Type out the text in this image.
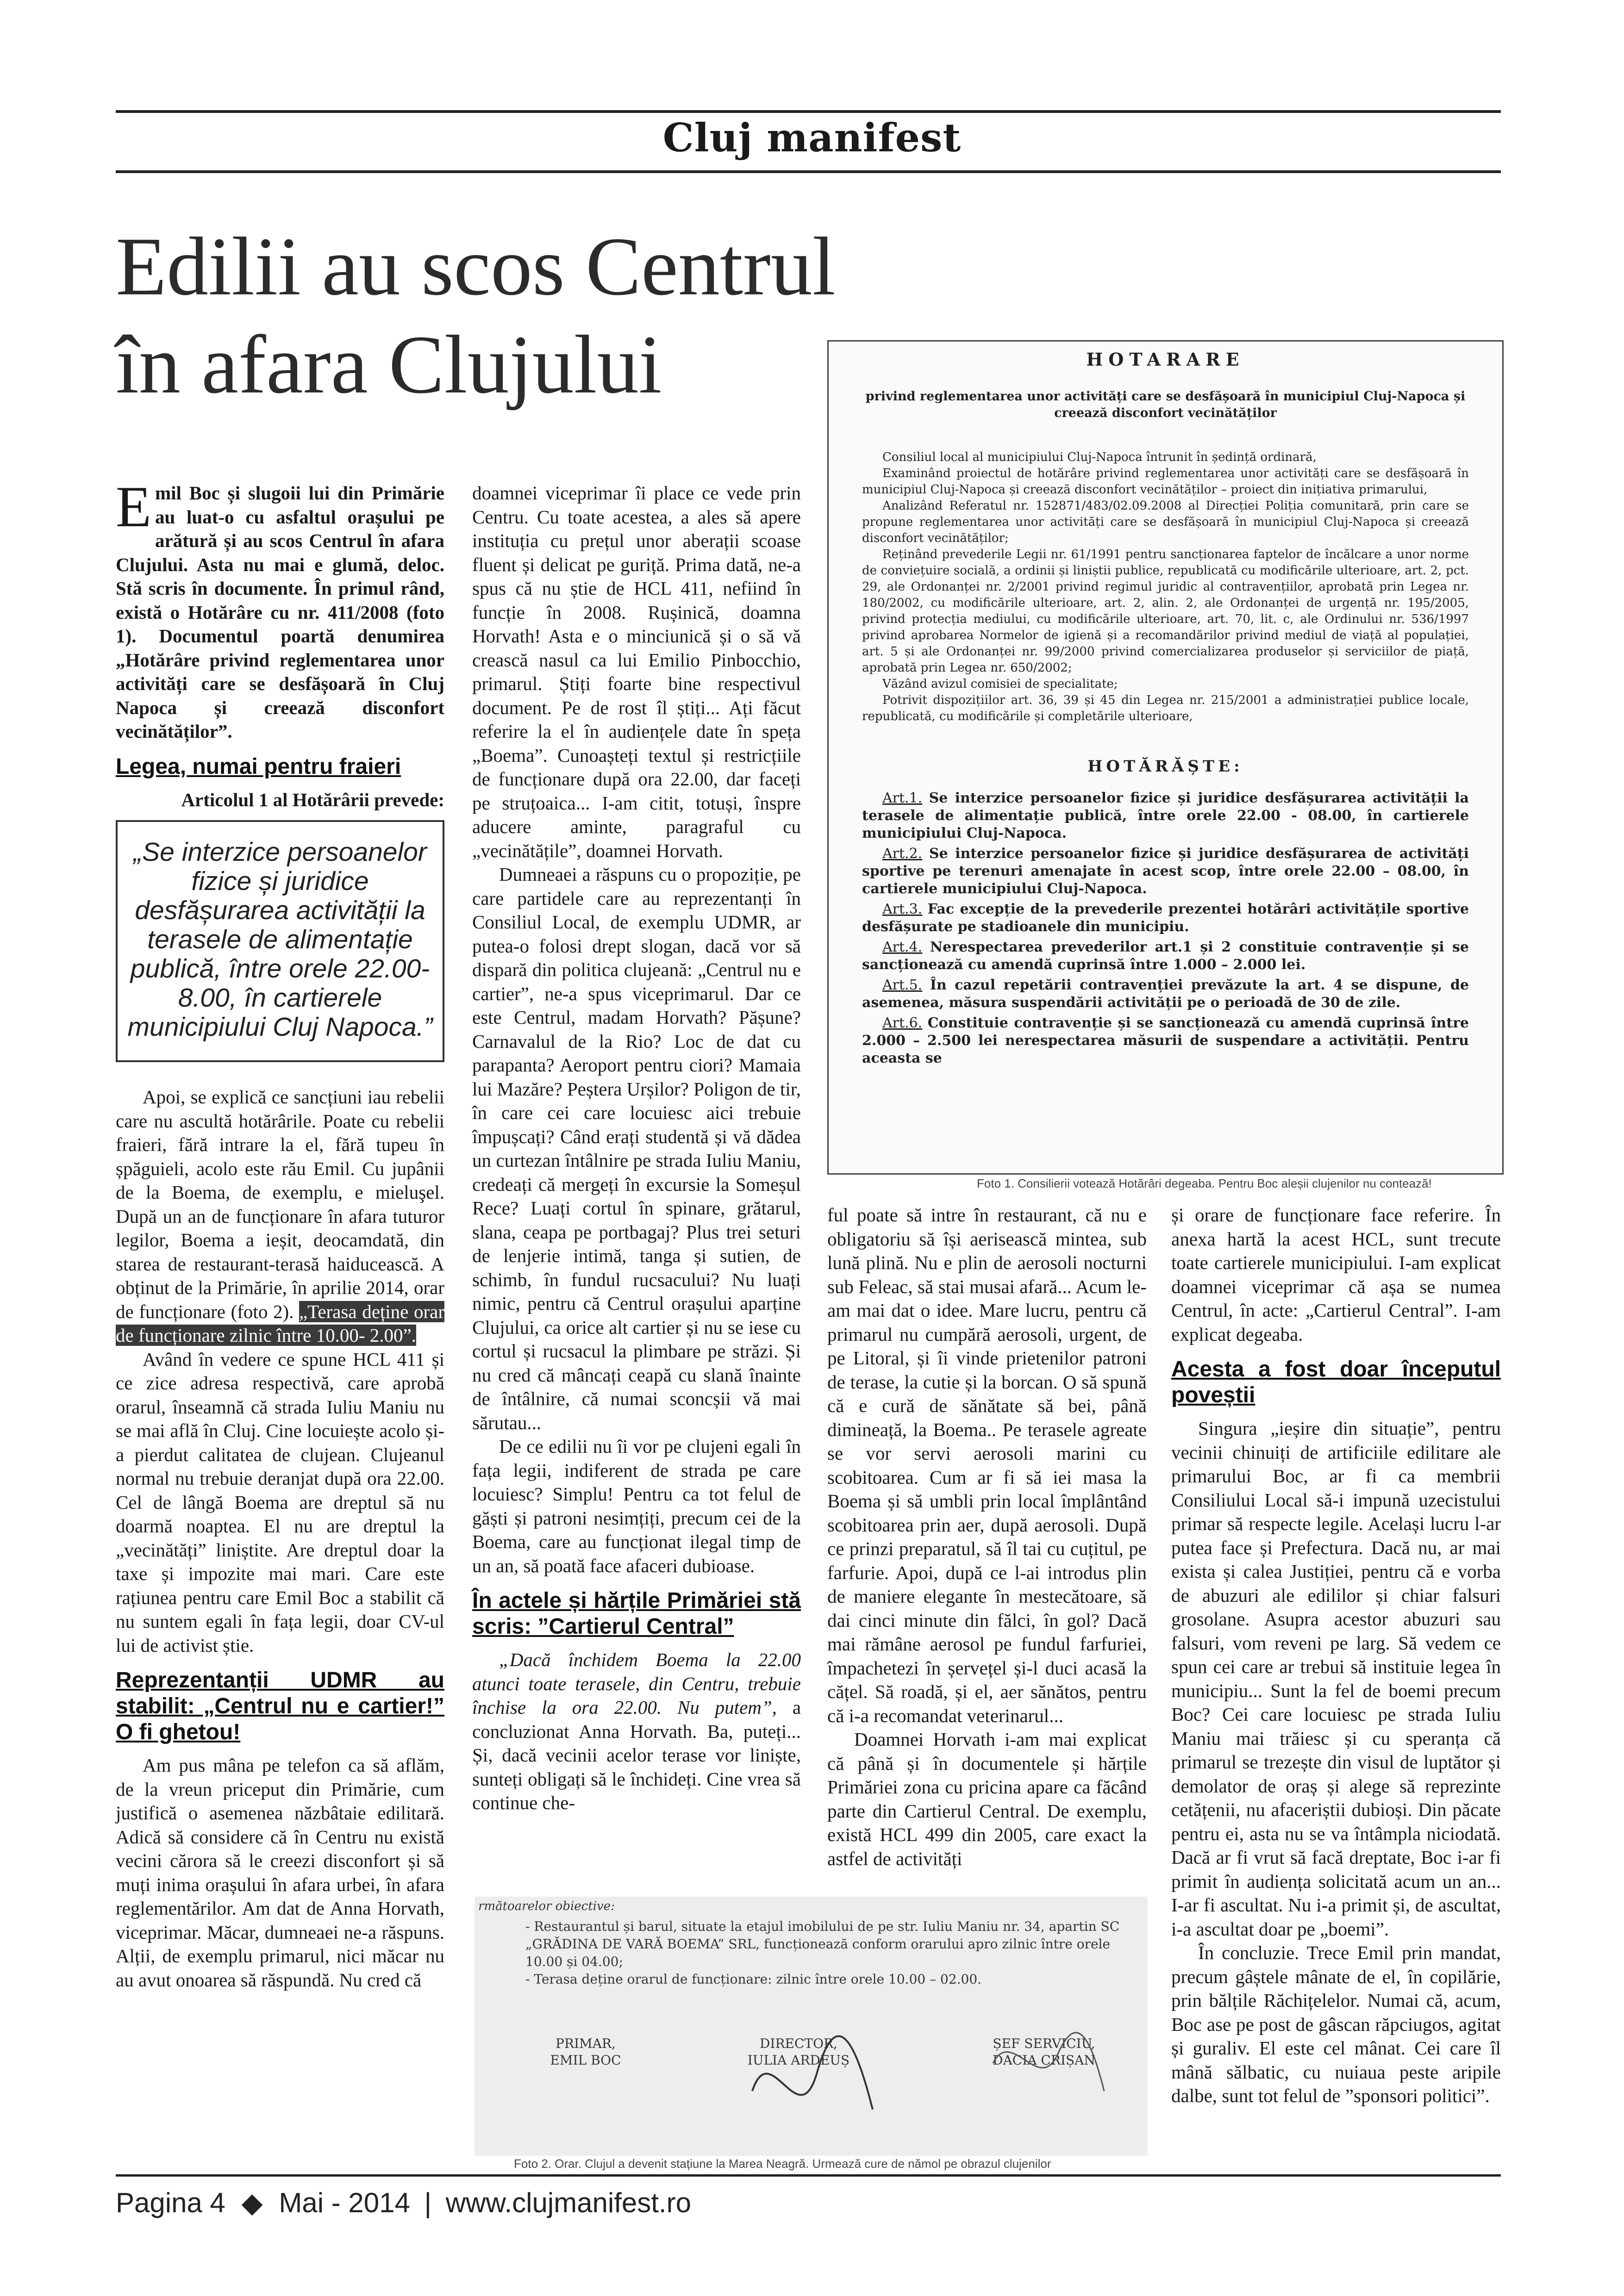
Cluj manifest
Edilii au scos Centrul
în afara Clujului

Emil Boc și slugoii lui din Primărie au luat-o cu asfaltul orașului pe arătură și au scos Centrul în afara Clujului. Asta nu mai e glumă, deloc. Stă scris în documente. În primul rând, există o Hotărâre cu nr. 411/2008 (foto 1). Documentul poartă denumirea „Hotărâre privind reglementarea unor activități care se desfășoară în Cluj Napoca și creează disconfort vecinătăților”.

Legea, numai pentru fraieri

Articolul 1 al Hotărârii prevede:

„Se interzice persoanelor fizice și juridice desfășurarea activității la terasele de alimentație publică, între orele 22.00- 8.00, în cartierele municipiului Cluj Napoca.”

Apoi, se explică ce sancțiuni iau rebelii care nu ascultă hotărârile. Poate cu rebelii fraieri, fără intrare la el, fără tupeu în șpăguieli, acolo este rău Emil. Cu jupânii de la Boema, de exemplu, e mieluşel. După un an de funcționare în afara tuturor legilor, Boema a ieșit, deocamdată, din starea de restaurant-terasă haiducească. A obținut de la Primărie, în aprilie 2014, orar de funcționare (foto 2). „Terasa deține orar de funcționare zilnic între 10.00- 2.00”.

Având în vedere ce spune HCL 411 și ce zice adresa respectivă, care aprobă orarul, înseamnă că strada Iuliu Maniu nu se mai află în Cluj. Cine locuiește acolo și-a pierdut calitatea de clujean. Clujeanul normal nu trebuie deranjat după ora 22.00. Cel de lângă Boema are dreptul să nu doarmă noaptea. El nu are dreptul la „vecinătăți” liniștite. Are dreptul doar la taxe și impozite mai mari. Care este rațiunea pentru care Emil Boc a stabilit că nu suntem egali în fața legii, doar CV-ul lui de activist știe.

Reprezentanții UDMR au stabilit: „Centrul nu e cartier!” O fi ghetou!

Am pus mâna pe telefon ca să aflăm, de la vreun priceput din Primărie, cum justifică o asemenea năzbâtaie edilitară. Adică să considere că în Centru nu există vecini cărora să le creezi disconfort și să muți inima orașului în afara urbei, în afara reglementărilor. Am dat de Anna Horvath, viceprimar. Măcar, dumneaei ne-a răspuns. Alții, de exemplu primarul, nici măcar nu au avut onoarea să răspundă. Nu cred că

doamnei viceprimar îi place ce vede prin Centru. Cu toate acestea, a ales să apere instituția cu prețul unor aberații scoase fluent și delicat pe guriță. Prima dată, ne-a spus că nu știe de HCL 411, nefiind în funcție în 2008. Rușinică, doamna Horvath! Asta e o minciunică și o să vă crească nasul ca lui Emilio Pinbocchio, primarul. Știți foarte bine respectivul document. Pe de rost îl știți... Ați făcut referire la el în audiențele date în speța „Boema”. Cunoașteți textul și restricțiile de funcționare după ora 22.00, dar faceți pe struțoaica... I-am citit, totuși, înspre aducere aminte, paragraful cu „vecinătățile”, doamnei Horvath.

Dumneaei a răspuns cu o propoziție, pe care partidele care au reprezentanți în Consiliul Local, de exemplu UDMR, ar putea-o folosi drept slogan, dacă vor să dispară din politica clujeană: „Centrul nu e cartier”, ne-a spus viceprimarul. Dar ce este Centrul, madam Horvath? Pășune? Carnavalul de la Rio? Loc de dat cu parapanta? Aeroport pentru ciori? Mamaia lui Mazăre? Peștera Urșilor? Poligon de tir, în care cei care locuiesc aici trebuie împușcați? Când erați studentă și vă dădea un curtezan întâlnire pe strada Iuliu Maniu, credeați că mergeți în excursie la Someșul Rece? Luați cortul în spinare, grătarul, slana, ceapa pe portbagaj? Plus trei seturi de lenjerie intimă, tanga și sutien, de schimb, în fundul rucsacului? Nu luați nimic, pentru că Centrul orașului aparține Clujului, ca orice alt cartier și nu se iese cu cortul și rucsacul la plimbare pe străzi. Și nu cred că mâncați ceapă cu slană înainte de întâlnire, că numai sconcșii vă mai sărutau...

De ce edilii nu îi vor pe clujeni egali în fața legii, indiferent de strada pe care locuiesc? Simplu! Pentru ca tot felul de găști și patroni nesimțiți, precum cei de la Boema, care au funcționat ilegal timp de un an, să poată face afaceri dubioase.

În actele și hărțile Primăriei stă scris: ”Cartierul Central”

„Dacă închidem Boema la 22.00 atunci toate terasele, din Centru, trebuie închise la ora 22.00. Nu putem”, a concluzionat Anna Horvath. Ba, puteți... Și, dacă vecinii acelor terase vor liniște, sunteți obligați să le închideți. Cine vrea să continue che-

HOTARARE
privind reglementarea unor activități care se desfășoară în municipiul Cluj-Napoca și creează disconfort vecinătăților

Consiliul local al municipiului Cluj-Napoca întrunit în ședință ordinară,

Examinând proiectul de hotărâre privind reglementarea unor activități care se desfășoară în municipiul Cluj-Napoca și creează disconfort vecinătăților – proiect din inițiativa primarului,

Analizând Referatul nr. 152871/483/02.09.2008 al Direcției Poliția comunitară, prin care se propune reglementarea unor activități care se desfășoară în municipiul Cluj-Napoca și creează disconfort vecinătăților;

Reținând prevederile Legii nr. 61/1991 pentru sancționarea faptelor de încălcare a unor norme de conviețuire socială, a ordinii și liniștii publice, republicată cu modificările ulterioare, art. 2, pct. 29, ale Ordonanței nr. 2/2001 privind regimul juridic al contravențiilor, aprobată prin Legea nr. 180/2002, cu modificările ulterioare, art. 2, alin. 2, ale Ordonanței de urgență nr. 195/2005, privind protecția mediului, cu modificările ulterioare, art. 70, lit. c, ale Ordinului nr. 536/1997 privind aprobarea Normelor de igienă și a recomandărilor privind mediul de viață al populației, art. 5 și ale Ordonanței nr. 99/2000 privind comercializarea produselor și serviciilor de piață, aprobată prin Legea nr. 650/2002;

Văzând avizul comisiei de specialitate;

Potrivit dispozițiilor art. 36, 39 și 45 din Legea nr. 215/2001 a administrației publice locale, republicată, cu modificările și completările ulterioare,

HOTĂRĂȘTE:

Art.1. Se interzice persoanelor fizice și juridice desfășurarea activității la terasele de alimentație publică, între orele 22.00 - 08.00, în cartierele municipiului Cluj-Napoca.

Art.2. Se interzice persoanelor fizice și juridice desfășurarea de activități sportive pe terenuri amenajate în acest scop, între orele 22.00 – 08.00, în cartierele municipiului Cluj-Napoca.

Art.3. Fac excepție de la prevederile prezentei hotărâri activitățile sportive desfășurate pe stadioanele din municipiu.

Art.4. Nerespectarea prevederilor art.1 și 2 constituie contravenție și se sancționează cu amendă cuprinsă între 1.000 – 2.000 lei.

Art.5. În cazul repetării contravenției prevăzute la art. 4 se dispune, de asemenea, măsura suspendării activității pe o perioadă de 30 de zile.

Art.6. Constituie contravenție și se sancționează cu amendă cuprinsă între 2.000 – 2.500 lei nerespectarea măsurii de suspendare a activității. Pentru aceasta se

Foto 1. Consilierii votează Hotărâri degeaba. Pentru Boc aleșii clujenilor nu contează!

ful poate să intre în restaurant, că nu e obligatoriu să își aerisească mintea, sub lună plină. Nu e plin de aerosoli nocturni sub Feleac, să stai musai afară... Acum le-am mai dat o idee. Mare lucru, pentru că primarul nu cumpără aerosoli, urgent, de pe Litoral, și îi vinde prietenilor patroni de terase, la cutie și la borcan. O să spună că e cură de sănătate să bei, până dimineață, la Boema.. Pe terasele agreate se vor servi aerosoli marini cu scobitoarea. Cum ar fi să iei masa la Boema și să umbli prin local împlântând scobitoarea prin aer, după aerosoli. După ce prinzi preparatul, să îl tai cu cuțitul, pe farfurie. Apoi, după ce l-ai introdus plin de maniere elegante în mestecătoare, să dai cinci minute din fălci, în gol? Dacă mai rămâne aerosol pe fundul farfuriei, împachetezi în șervețel și-l duci acasă la cățel. Să roadă, și el, aer sănătos, pentru că i-a recomandat veterinarul...

Doamnei Horvath i-am mai explicat că până și în documentele și hărțile Primăriei zona cu pricina apare ca făcând parte din Cartierul Central. De exemplu, există HCL 499 din 2005, care exact la astfel de activități

și orare de funcționare face referire. În anexa hartă la acest HCL, sunt trecute toate cartierele municipiului. I-am explicat doamnei viceprimar că așa se numea Centrul, în acte: „Cartierul Central”. I-am explicat degeaba.

Acesta a fost doar începutul poveștii

Singura „ieșire din situație”, pentru vecinii chinuiți de artificiile edilitare ale primarului Boc, ar fi ca membrii Consiliului Local să-i impună uzecistului primar să respecte legile. Același lucru l-ar putea face și Prefectura. Dacă nu, ar mai exista și calea Justiției, pentru că e vorba de abuzuri ale edililor și chiar falsuri grosolane. Asupra acestor abuzuri sau falsuri, vom reveni pe larg. Să vedem ce spun cei care ar trebui să instituie legea în municipiu... Sunt la fel de boemi precum Boc? Cei care locuiesc pe strada Iuliu Maniu mai trăiesc și cu speranța că primarul se trezește din visul de luptător și demolator de oraș și alege să reprezinte cetățenii, nu afaceriștii dubioși. Din păcate pentru ei, asta nu se va întâmpla niciodată. Dacă ar fi vrut să facă dreptate, Boc i-ar fi primit în audiența solicitată acum un an... I-ar fi ascultat. Nu i-a primit și, de ascultat, i-a ascultat doar pe „boemi”.

În concluzie. Trece Emil prin mandat, precum gâștele mânate de el, în copilărie, prin bălțile Răchițelelor. Numai că, acum, Boc ase pe post de gâscan răpciugos, agitat și guraliv. El este cel mânat. Cei care îl mână sălbatic, cu nuiaua peste aripile dalbe, sunt tot felul de ”sponsori politici”.

rmătoarelor obiective:
- Restaurantul și barul, situate la etajul imobilului de pe str. Iuliu Maniu nr. 34, apartin SC „GRĂDINA DE VARĂ BOEMA” SRL, funcționează conform orarului apro zilnic între orele 10.00 și 04.00;
- Terasa deține orarul de funcționare: zilnic între orele 10.00 – 02.00.
PRIMAR,
EMIL BOC
DIRECTOR,
IULIA ARDEUȘ
ȘEF SERVICIU,
DACIA CRIȘAN
Foto 2. Orar. Clujul a devenit stațiune la Marea Neagră. Urmează cure de nămol pe obrazul clujenilor
Pagina 4 ◆ Mai - 2014 | www.clujmanifest.ro
